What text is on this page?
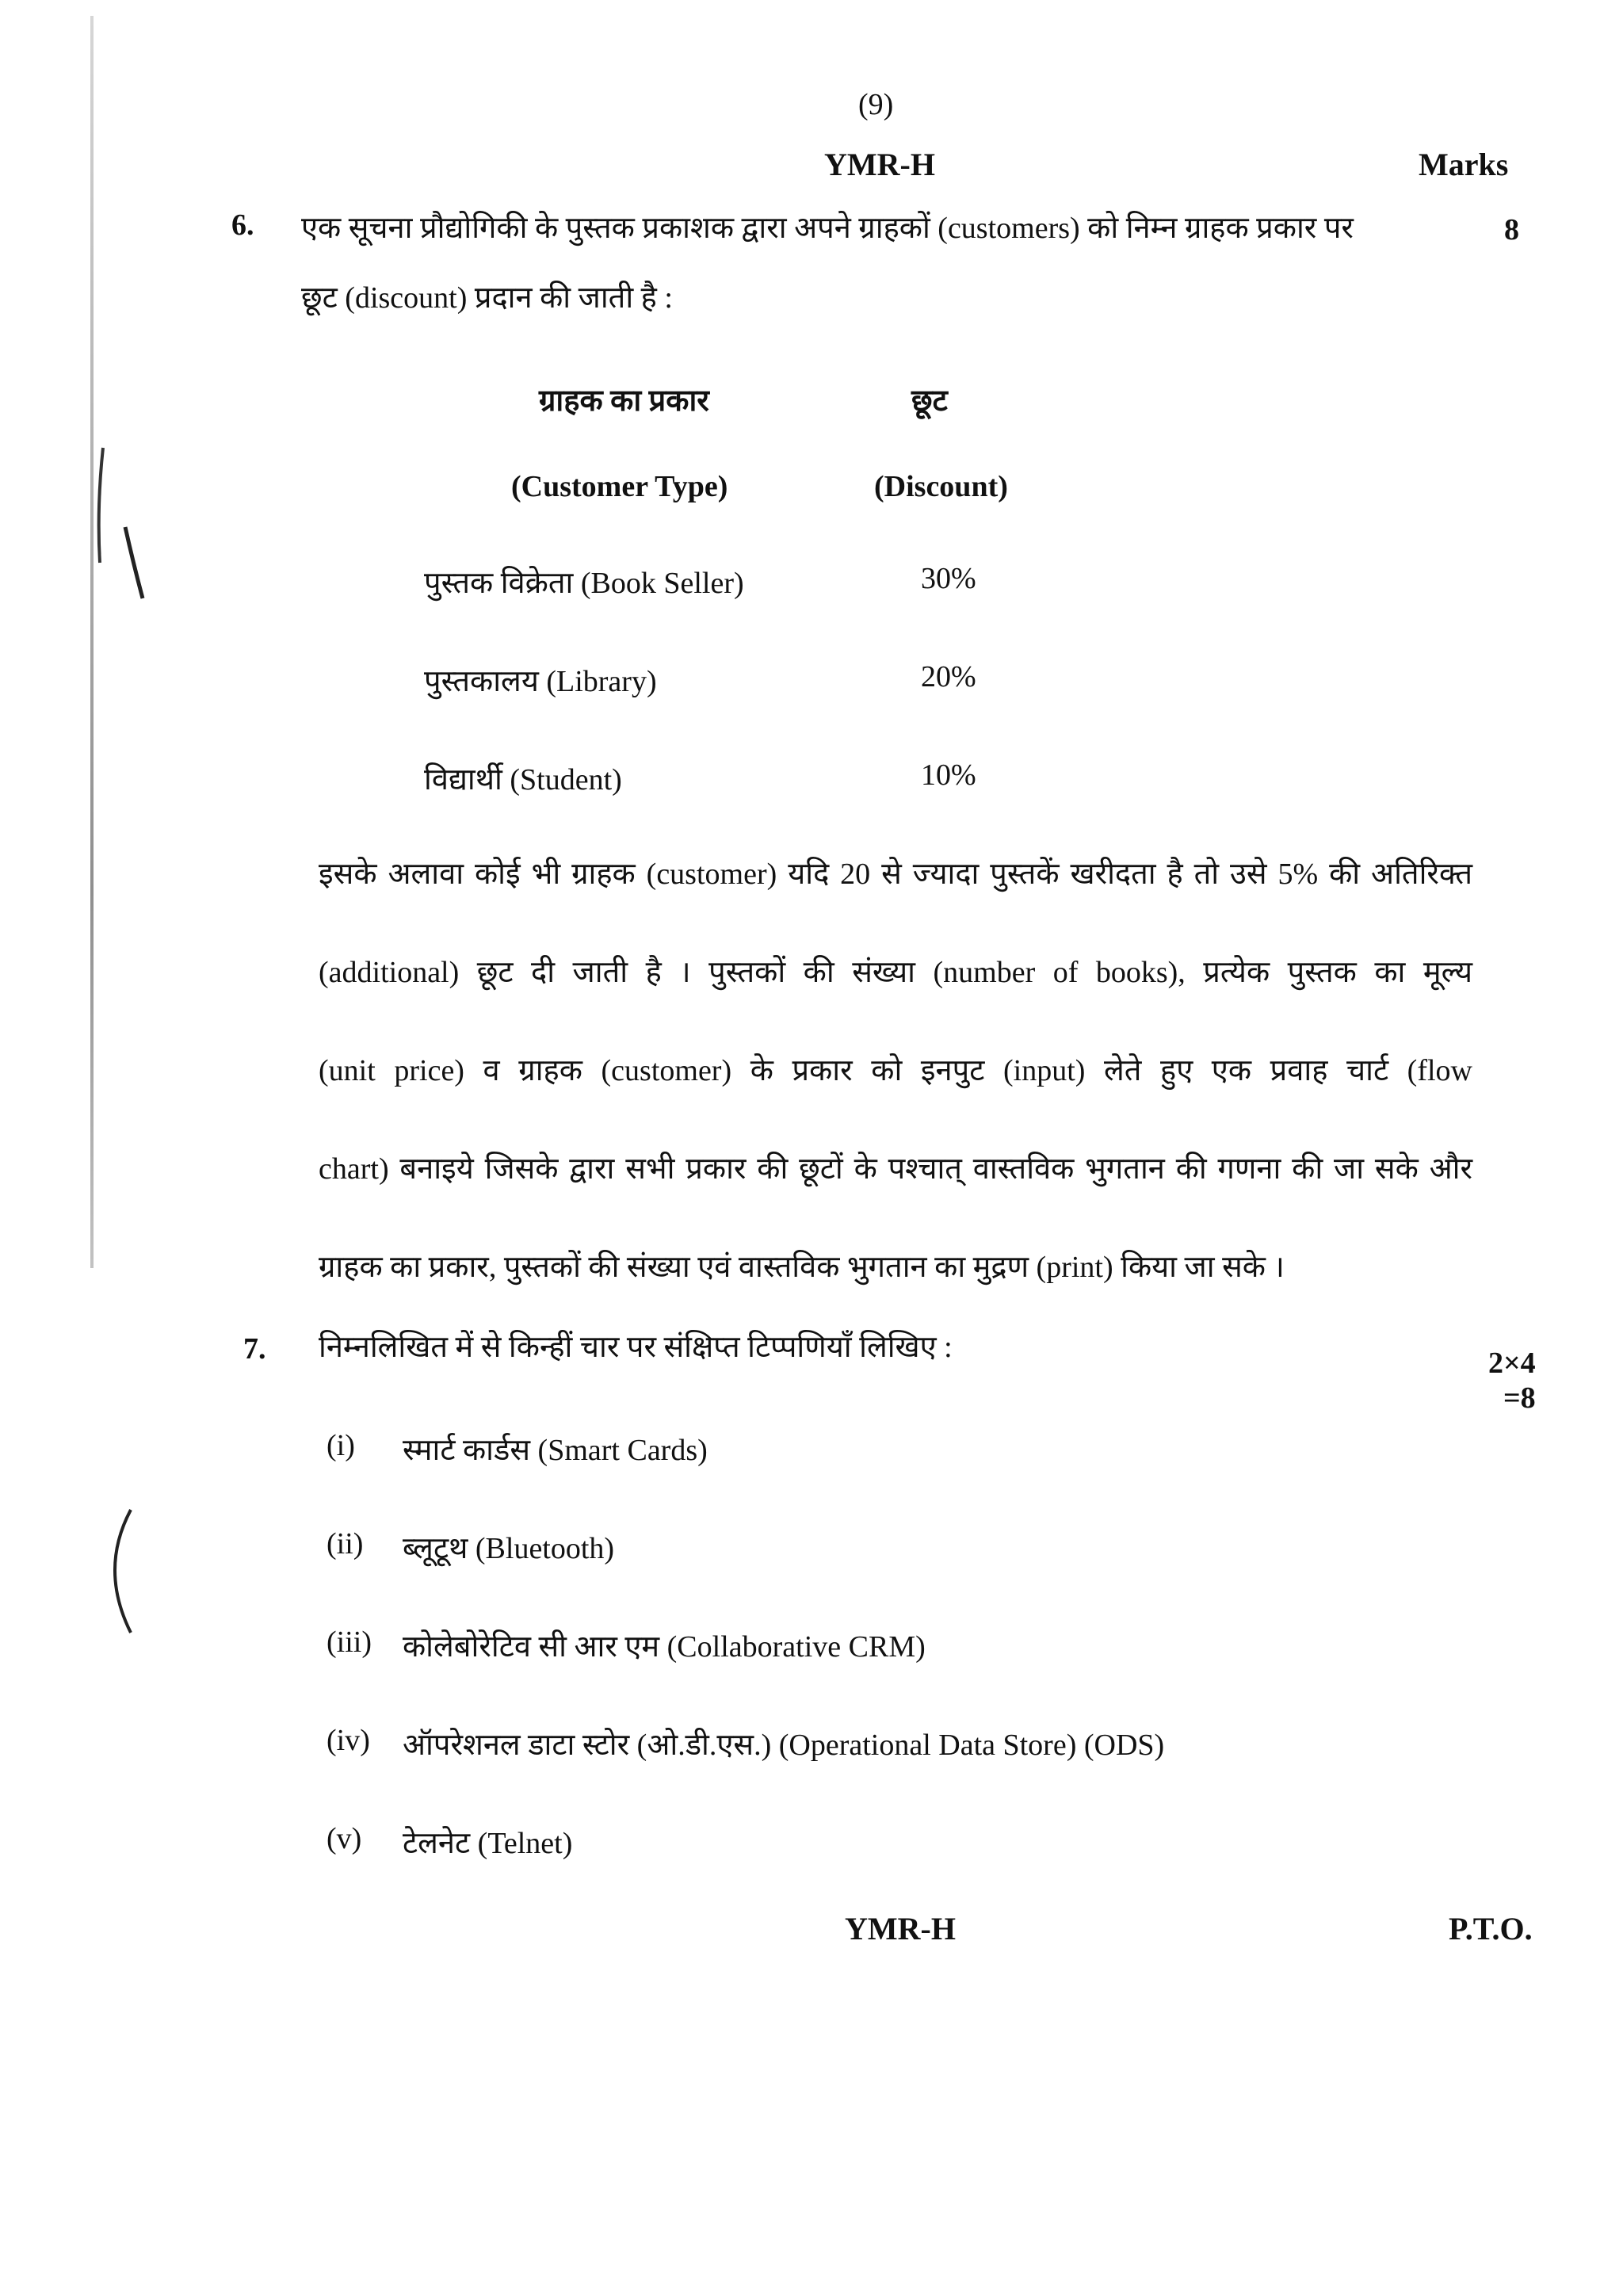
(9)
YMR-H	Marks
6. एक सूचना प्रौद्योगिकी के पुस्तक प्रकाशक द्वारा अपने ग्राहकों (customers) को निम्न ग्राहक प्रकार पर
छूट (discount) प्रदान की जाती है :
8
ग्राहक का प्रकार	छूट
(Customer Type)	(Discount)
पुस्तक विक्रेता (Book Seller)	30%
पुस्तकालय (Library)	20%
विद्यार्थी (Student)	10%

इसके अलावा कोई भी ग्राहक (customer) यदि 20 से ज्यादा पुस्तकें खरीदता है तो उसे 5% की अतिरिक्त

(additional) छूट दी जाती है । पुस्तकों की संख्या (number of books), प्रत्येक पुस्तक का मूल्य

(unit price) व ग्राहक (customer) के प्रकार को इनपुट (input) लेते हुए एक प्रवाह चार्ट (flow

chart) बनाइये जिसके द्वारा सभी प्रकार की छूटों के पश्चात् वास्तविक भुगतान की गणना की जा सके और

ग्राहक का प्रकार, पुस्तकों की संख्या एवं वास्तविक भुगतान का मुद्रण (print) किया जा सके ।

7. निम्नलिखित में से किन्हीं चार पर संक्षिप्त टिप्पणियाँ लिखिए :	2×4
=8
(i) स्मार्ट कार्डस (Smart Cards)
(ii) ब्लूटूथ (Bluetooth)
(iii) कोलेबोरेटिव सी आर एम (Collaborative CRM)
(iv) ऑपरेशनल डाटा स्टोर (ओ.डी.एस.) (Operational Data Store) (ODS)
(v) टेलनेट (Telnet)
YMR-H	P.T.O.
